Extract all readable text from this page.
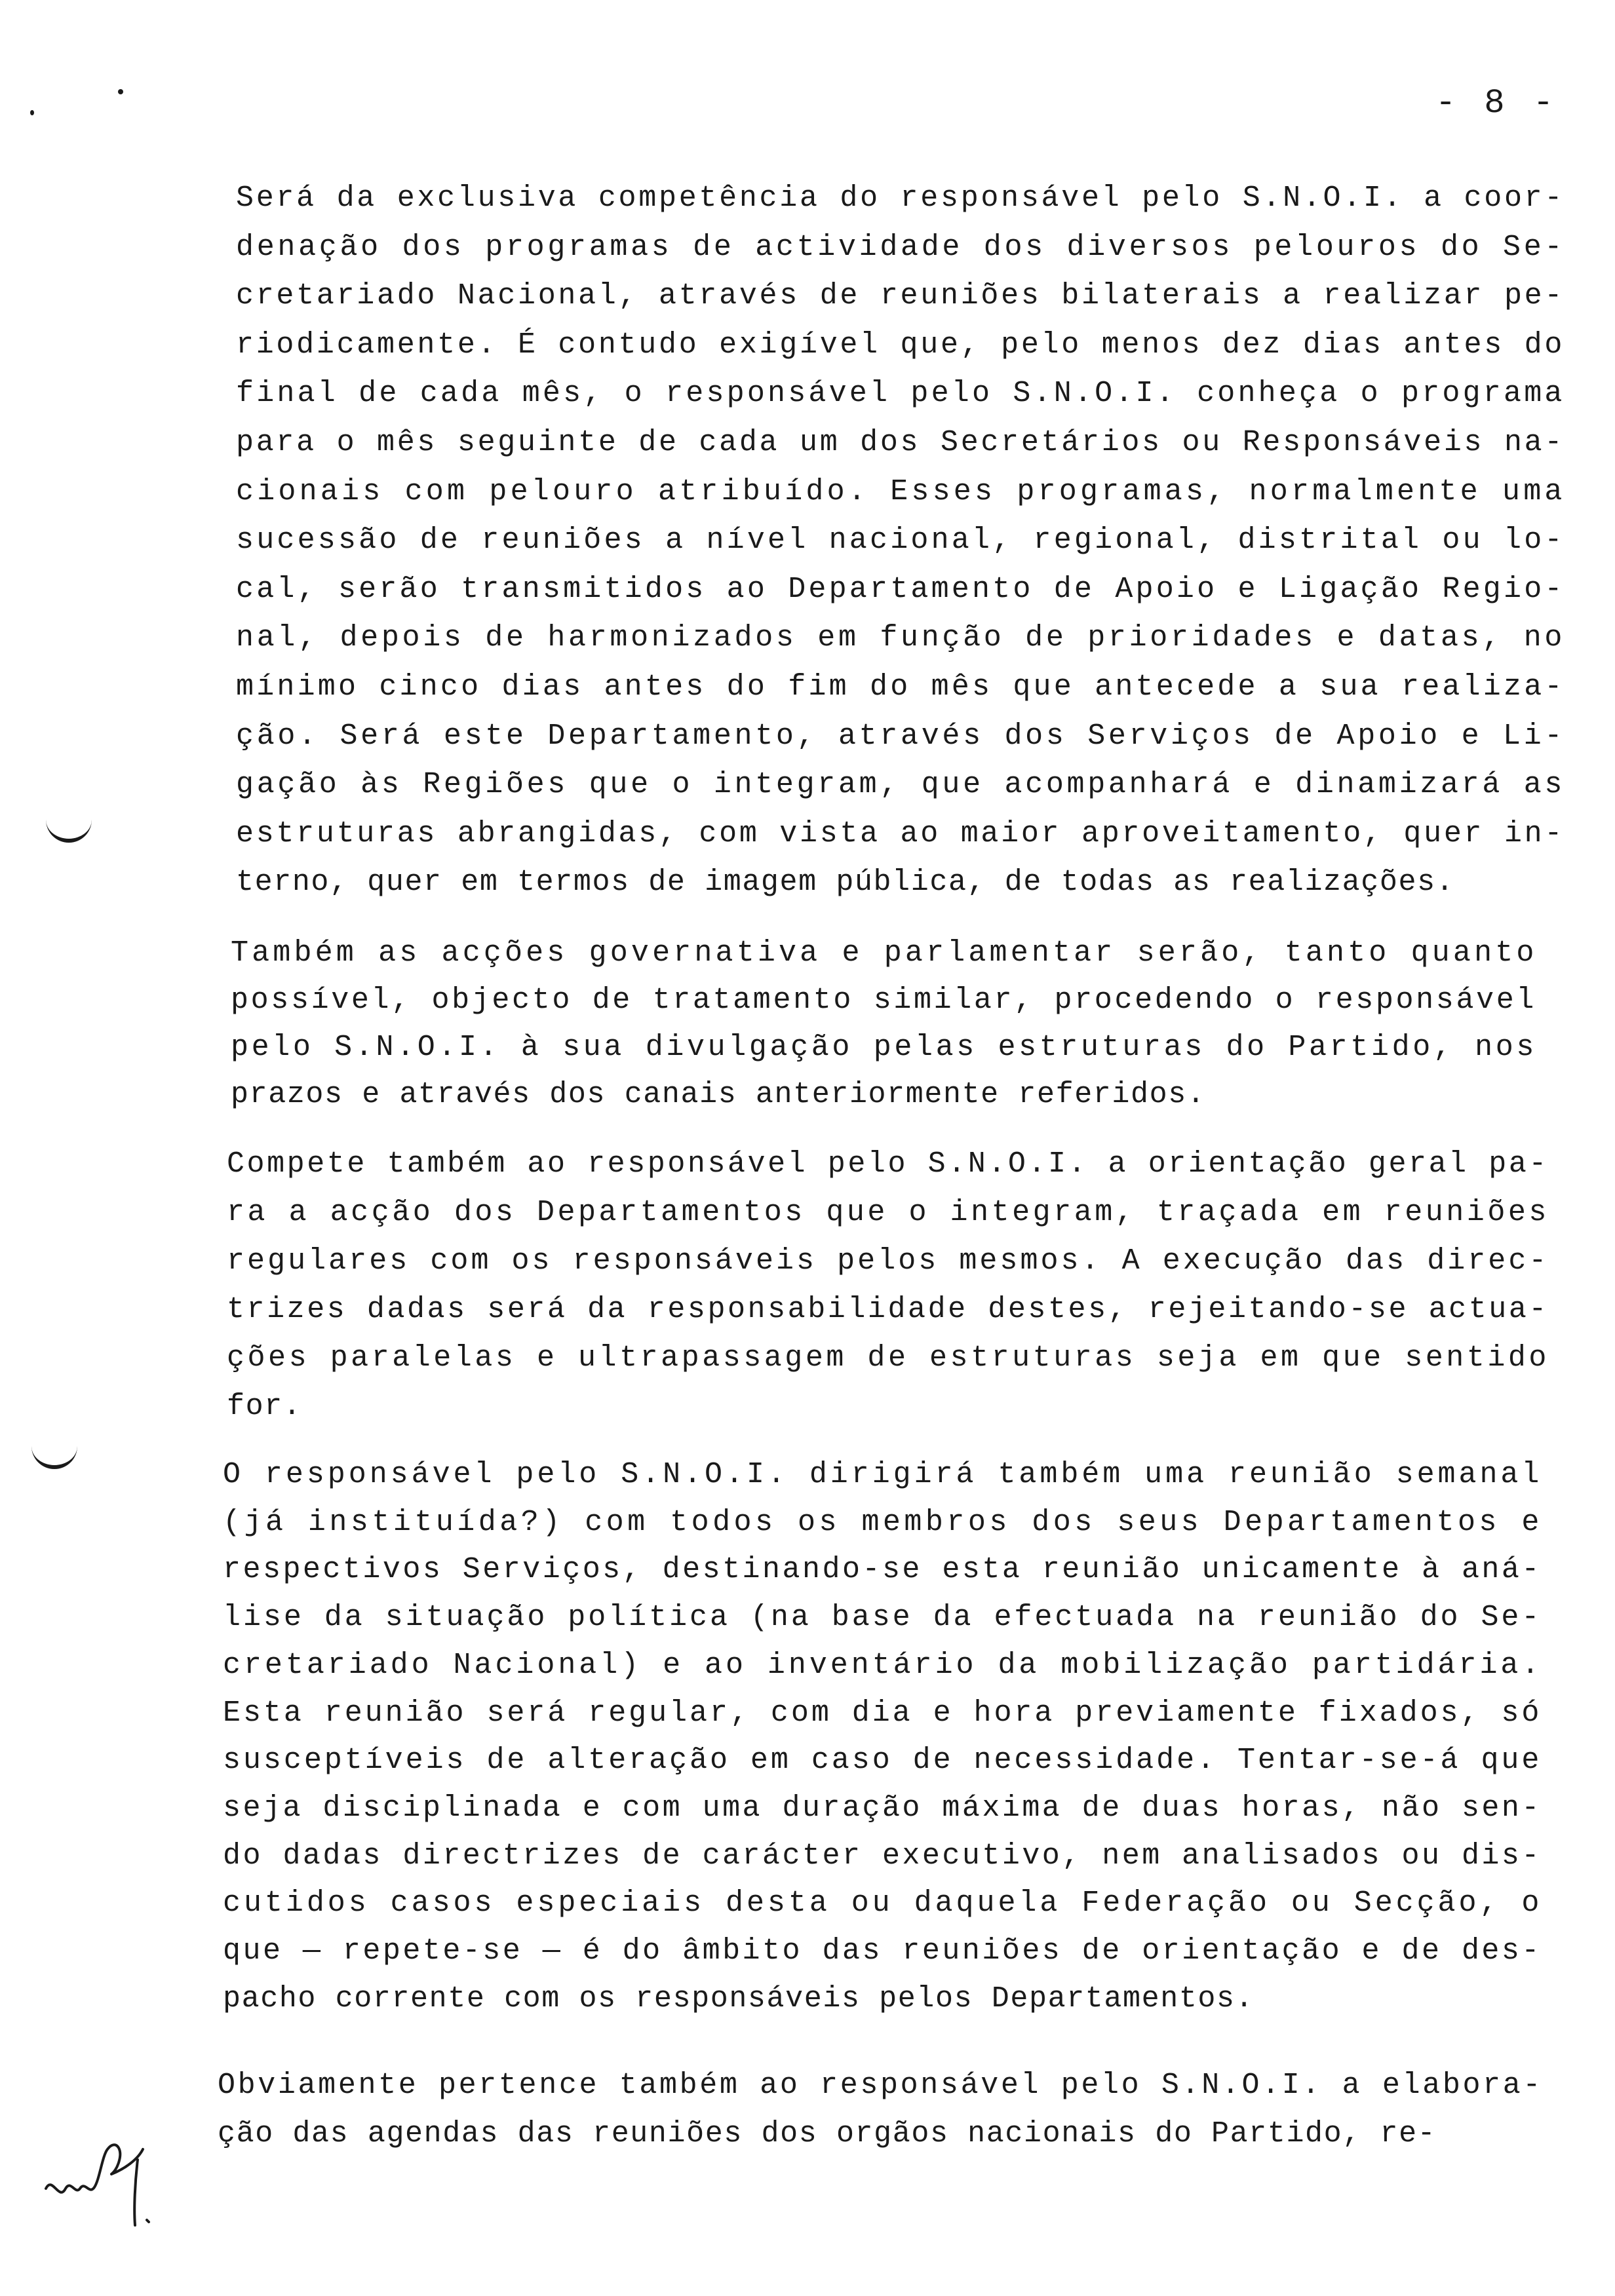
- 8 -
Será da exclusiva competência do responsável pelo S.N.O.I. a coor-
denação dos programas de actividade dos diversos pelouros do Se-
cretariado Nacional, através de reuniões bilaterais a realizar pe-
riodicamente. É contudo exigível que, pelo menos dez dias antes do
final de cada mês, o responsável pelo S.N.O.I. conheça o programa
para o mês seguinte de cada um dos Secretários ou Responsáveis na-
cionais com pelouro atribuído. Esses programas, normalmente uma
sucessão de reuniões a nível nacional, regional, distrital ou lo-
cal, serão transmitidos ao Departamento de Apoio e Ligação Regio-
nal, depois de harmonizados em função de prioridades e datas, no
mínimo cinco dias antes do fim do mês que antecede a sua realiza-
ção. Será este Departamento, através dos Serviços de Apoio e Li-
gação às Regiões que o integram, que acompanhará e dinamizará as
estruturas abrangidas, com vista ao maior aproveitamento, quer in-
terno, quer em termos de imagem pública, de todas as realizações.
Também as acções governativa e parlamentar serão, tanto quanto
possível, objecto de tratamento similar, procedendo o responsável
pelo S.N.O.I. à sua divulgação pelas estruturas do Partido, nos
prazos e através dos canais anteriormente referidos.
Compete também ao responsável pelo S.N.O.I. a orientação geral pa-
ra a acção dos Departamentos que o integram, traçada em reuniões
regulares com os responsáveis pelos mesmos. A execução das direc-
trizes dadas será da responsabilidade destes, rejeitando-se actua-
ções paralelas e ultrapassagem de estruturas seja em que sentido
for.
O responsável pelo S.N.O.I. dirigirá também uma reunião semanal
(já instituída?) com todos os membros dos seus Departamentos e
respectivos Serviços, destinando-se esta reunião unicamente à aná-
lise da situação política (na base da efectuada na reunião do Se-
cretariado Nacional) e ao inventário da mobilização partidária.
Esta reunião será regular, com dia e hora previamente fixados, só
susceptíveis de alteração em caso de necessidade. Tentar-se-á que
seja disciplinada e com uma duração máxima de duas horas, não sen-
do dadas directrizes de carácter executivo, nem analisados ou dis-
cutidos casos especiais desta ou daquela Federação ou Secção, o
que — repete-se — é do âmbito das reuniões de orientação e de des-
pacho corrente com os responsáveis pelos Departamentos.
Obviamente pertence também ao responsável pelo S.N.O.I. a elabora-
ção das agendas das reuniões dos orgãos nacionais do Partido, re-
